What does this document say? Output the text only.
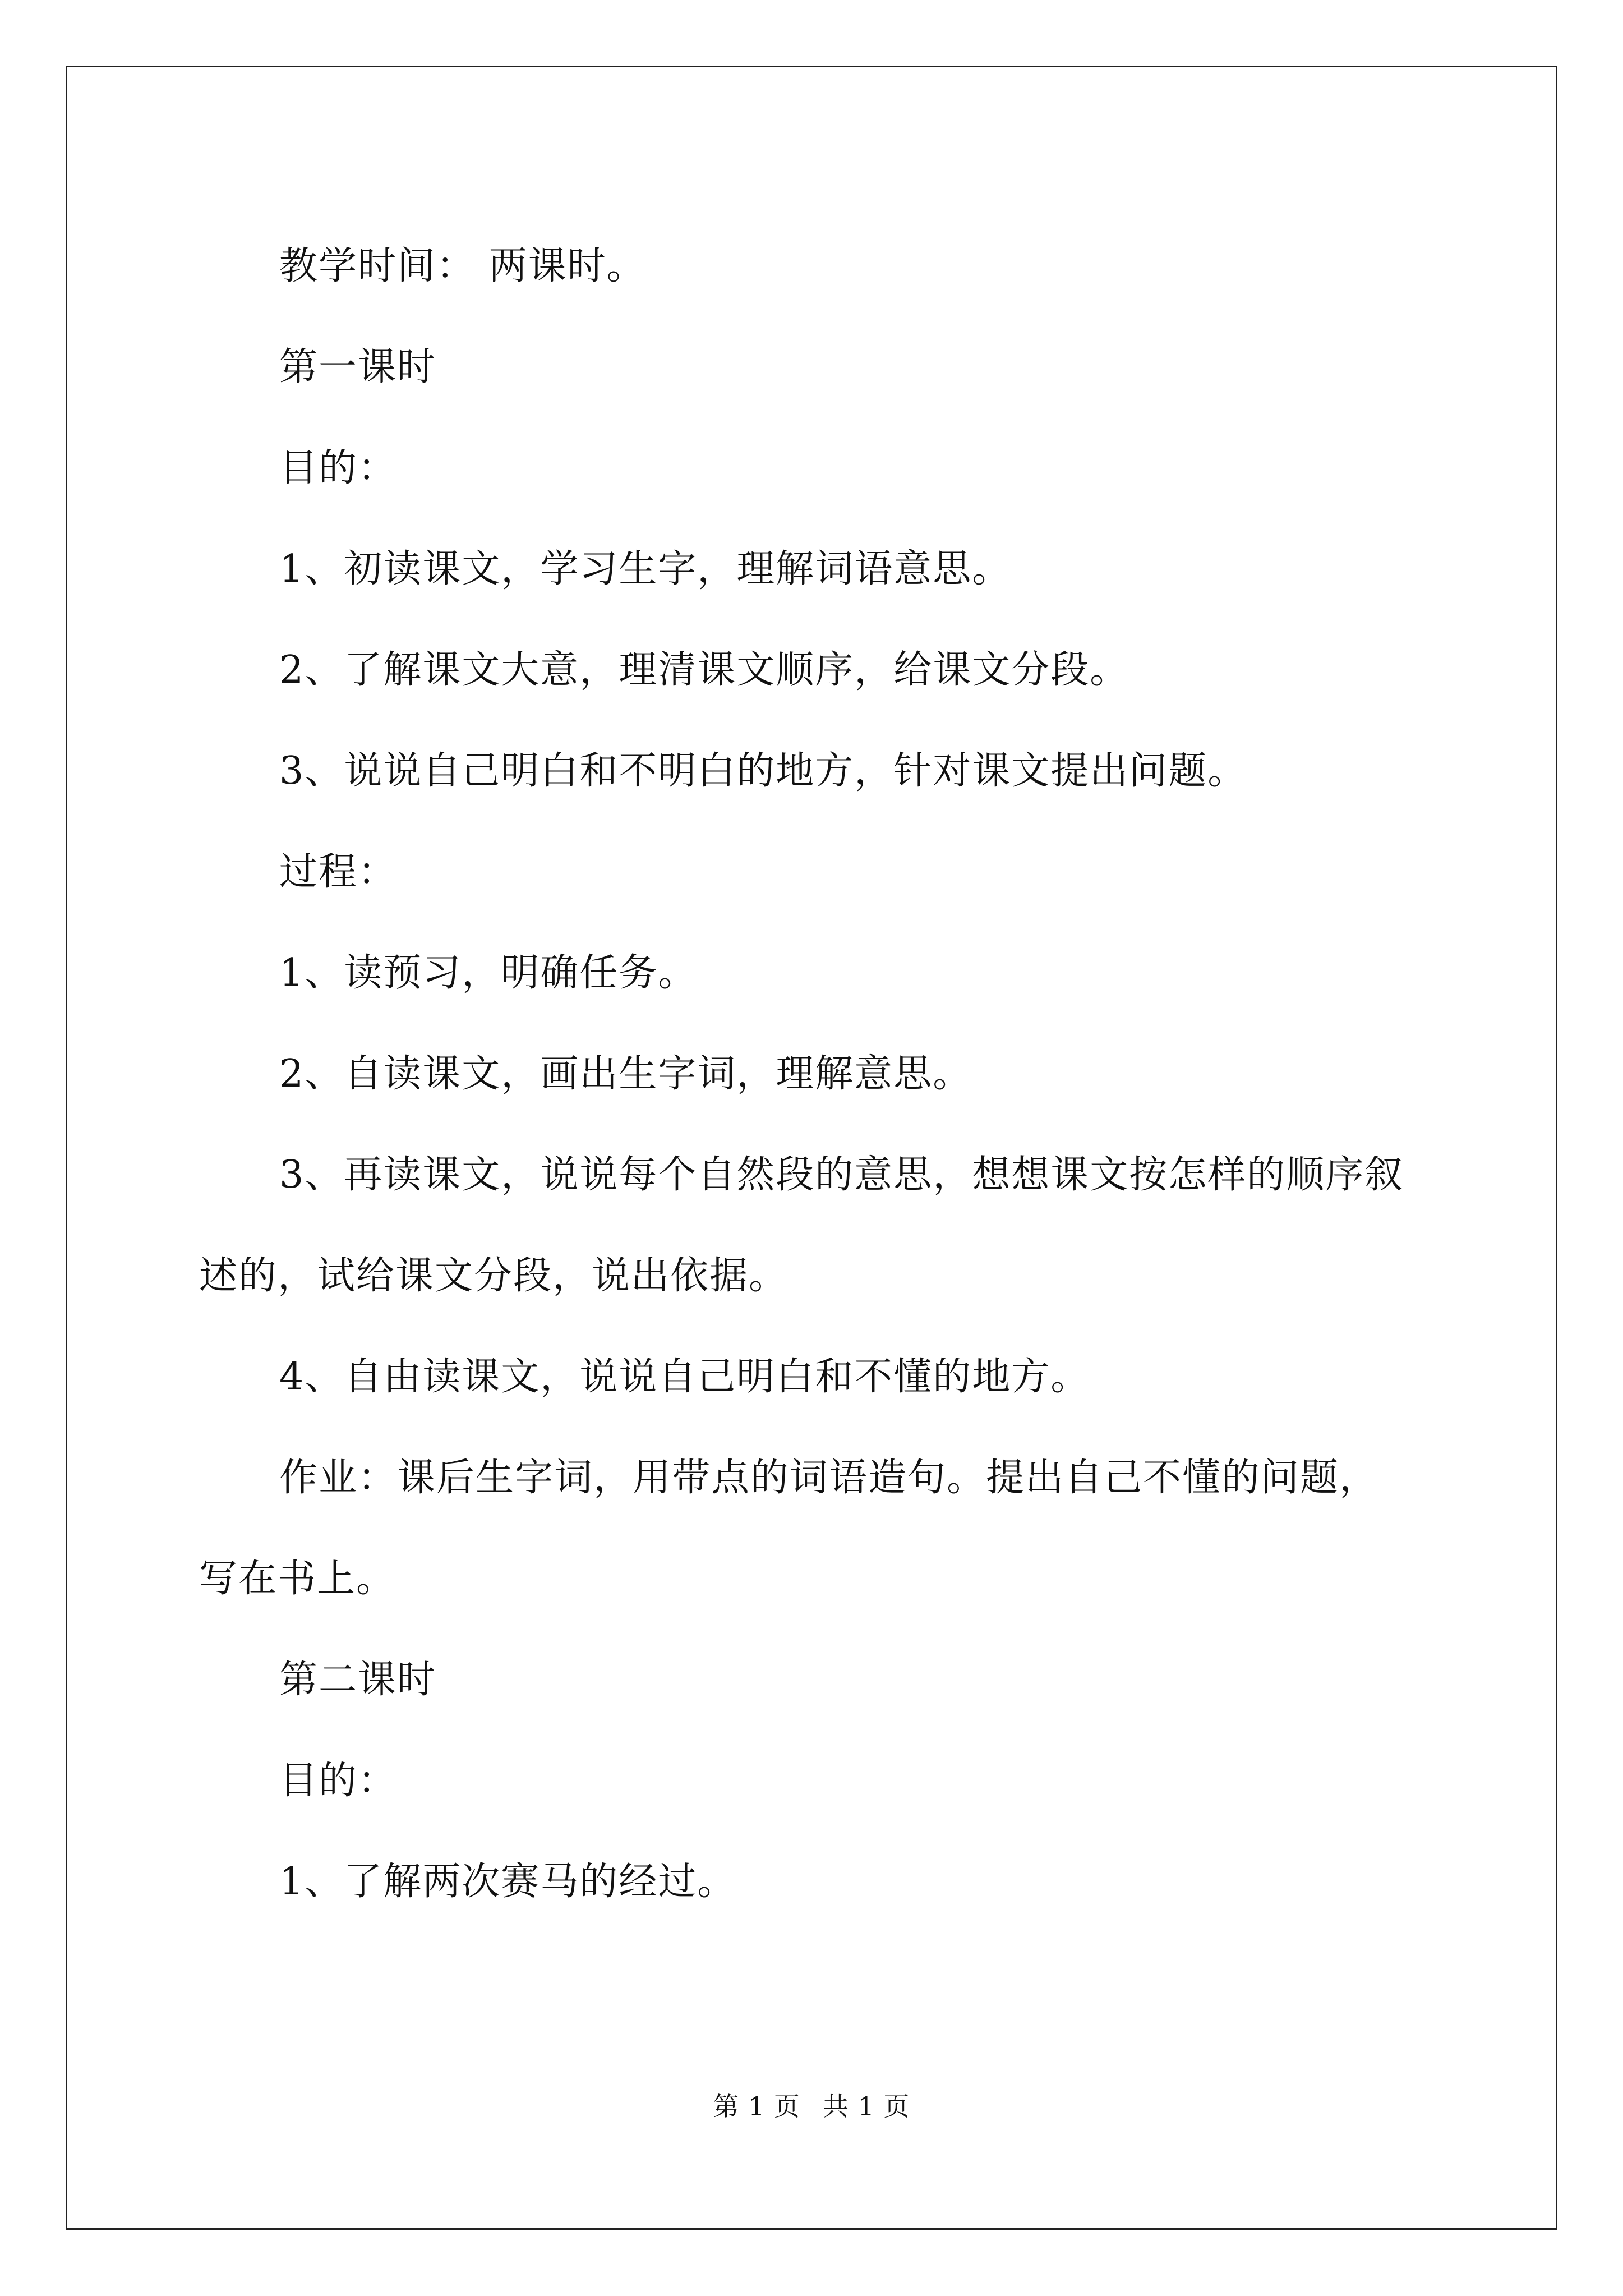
教学时间： 两课时。

第一课时

目的：

1、初读课文，学习生字，理解词语意思。

2、了解课文大意，理清课文顺序，给课文分段。

3、说说自己明白和不明白的地方，针对课文提出问题。

过程：

1、读预习，明确任务。

2、自读课文，画出生字词，理解意思。

3、再读课文，说说每个自然段的意思，想想课文按怎样的顺序叙

述的，试给课文分段，说出依据。

4、自由读课文，说说自己明白和不懂的地方。

作业：课后生字词，用带点的词语造句。提出自己不懂的问题，

写在书上。

第二课时

目的：

1、了解两次赛马的经过。

第 1 页 共 1 页
